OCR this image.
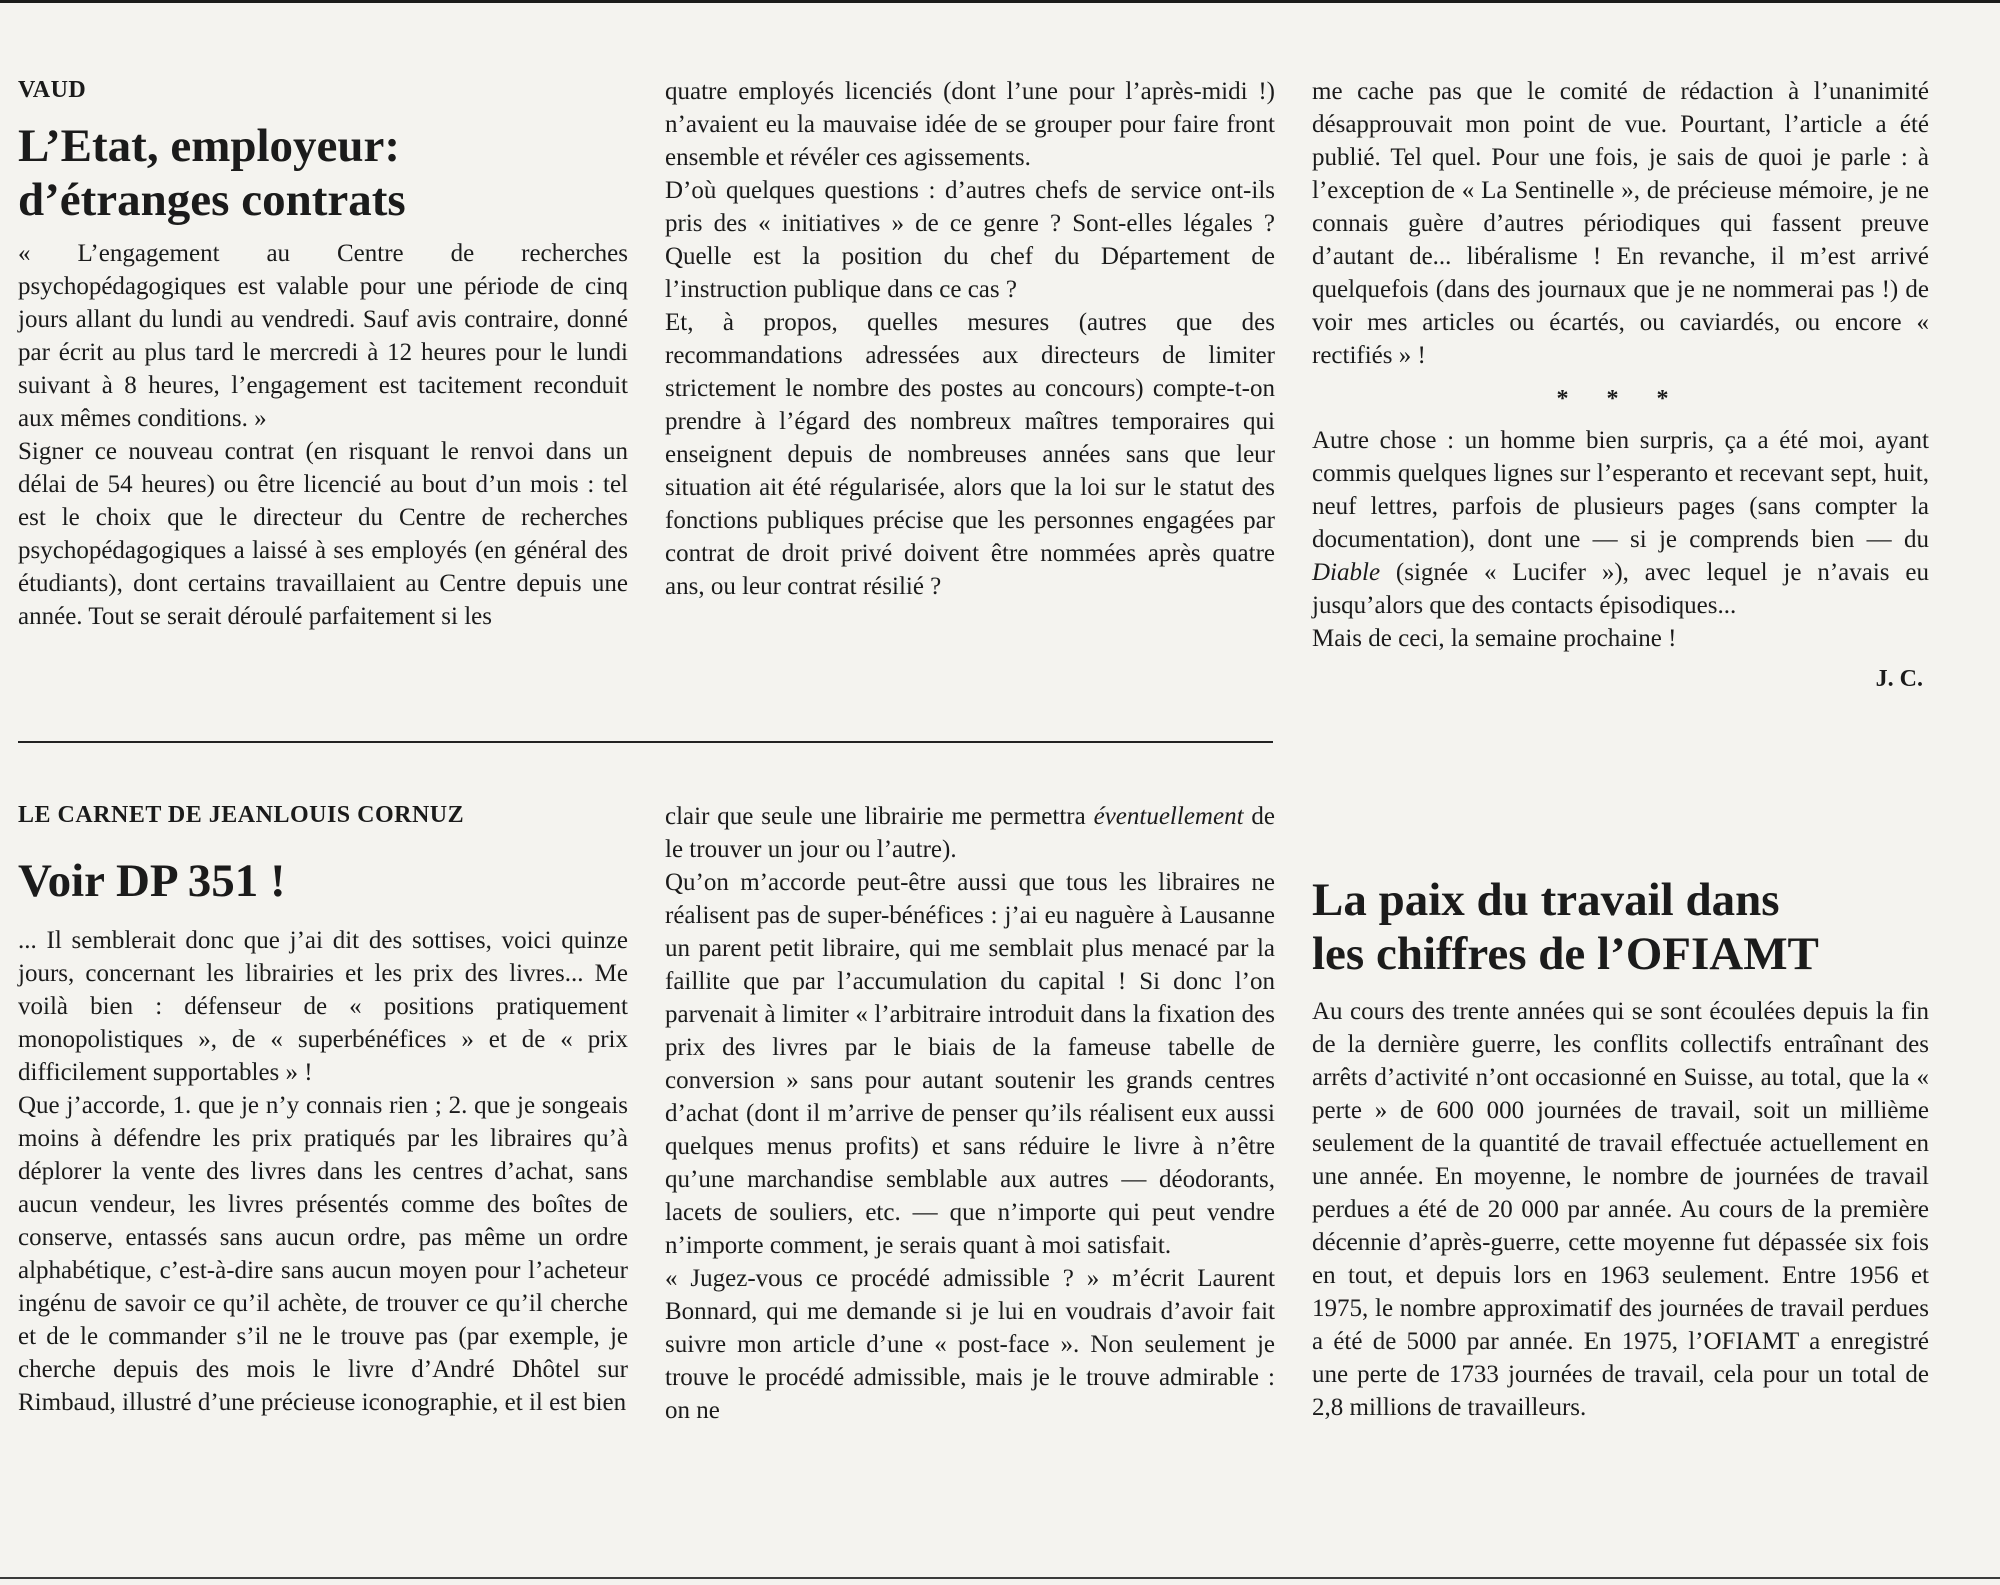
VAUD

L’Etat, employeur:

d’étranges contrats

« L’engagement au Centre de recherches psychopédagogiques est valable pour une période de cinq jours allant du lundi au vendredi. Sauf avis contraire, donné par écrit au plus tard le mercredi à 12 heures pour le lundi suivant à 8 heures, l’engagement est tacitement reconduit aux mêmes conditions. »

Signer ce nouveau contrat (en risquant le renvoi dans un délai de 54 heures) ou être licencié au bout d’un mois : tel est le choix que le directeur du Centre de recherches psychopédagogiques a laissé à ses employés (en général des étudiants), dont certains travaillaient au Centre depuis une année. Tout se serait déroulé parfaitement si les

quatre employés licenciés (dont l’une pour l’après-midi !) n’avaient eu la mauvaise idée de se grouper pour faire front ensemble et révéler ces agissements.

D’où quelques questions : d’autres chefs de service ont-ils pris des « initiatives » de ce genre ? Sont-elles légales ? Quelle est la position du chef du Département de l’instruction publique dans ce cas ?

Et, à propos, quelles mesures (autres que des recommandations adressées aux directeurs de limiter strictement le nombre des postes au concours) compte-t-on prendre à l’égard des nombreux maîtres temporaires qui enseignent depuis de nombreuses années sans que leur situation ait été régularisée, alors que la loi sur le statut des fonctions publiques précise que les personnes engagées par contrat de droit privé doivent être nommées après quatre ans, ou leur contrat résilié ?

me cache pas que le comité de rédaction à l’unanimité désapprouvait mon point de vue. Pourtant, l’article a été publié. Tel quel. Pour une fois, je sais de quoi je parle : à l’exception de « La Sentinelle », de précieuse mémoire, je ne connais guère d’autres périodiques qui fassent preuve d’autant de... libéralisme ! En revanche, il m’est arrivé quelquefois (dans des journaux que je ne nommerai pas !) de voir mes articles ou écartés, ou caviardés, ou encore « rectifiés » !

* * *

Autre chose : un homme bien surpris, ça a été moi, ayant commis quelques lignes sur l’esperanto et recevant sept, huit, neuf lettres, parfois de plusieurs pages (sans compter la documentation), dont une — si je comprends bien — du Diable (signée « Lucifer »), avec lequel je n’avais eu jusqu’alors que des contacts épisodiques...

Mais de ceci, la semaine prochaine !

J. C.

LE CARNET DE JEANLOUIS CORNUZ

Voir DP 351 !

... Il semblerait donc que j’ai dit des sottises, voici quinze jours, concernant les librairies et les prix des livres... Me voilà bien : défenseur de « positions pratiquement monopolistiques », de « superbénéfices » et de « prix difficilement supportables » !

Que j’accorde, 1. que je n’y connais rien ; 2. que je songeais moins à défendre les prix pratiqués par les libraires qu’à déplorer la vente des livres dans les centres d’achat, sans aucun vendeur, les livres présentés comme des boîtes de conserve, entassés sans aucun ordre, pas même un ordre alphabétique, c’est-à-dire sans aucun moyen pour l’acheteur ingénu de savoir ce qu’il achète, de trouver ce qu’il cherche et de le commander s’il ne le trouve pas (par exemple, je cherche depuis des mois le livre d’André Dhôtel sur Rimbaud, illustré d’une précieuse iconographie, et il est bien

clair que seule une librairie me permettra éventuellement de le trouver un jour ou l’autre).

Qu’on m’accorde peut-être aussi que tous les libraires ne réalisent pas de super-bénéfices : j’ai eu naguère à Lausanne un parent petit libraire, qui me semblait plus menacé par la faillite que par l’accumulation du capital ! Si donc l’on parvenait à limiter « l’arbitraire introduit dans la fixation des prix des livres par le biais de la fameuse tabelle de conversion » sans pour autant soutenir les grands centres d’achat (dont il m’arrive de penser qu’ils réalisent eux aussi quelques menus profits) et sans réduire le livre à n’être qu’une marchandise semblable aux autres — déodorants, lacets de souliers, etc. — que n’importe qui peut vendre n’importe comment, je serais quant à moi satisfait.

« Jugez-vous ce procédé admissible ? » m’écrit Laurent Bonnard, qui me demande si je lui en voudrais d’avoir fait suivre mon article d’une « post-face ». Non seulement je trouve le procédé admissible, mais je le trouve admirable : on ne

La paix du travail dans

les chiffres de l’OFIAMT

Au cours des trente années qui se sont écoulées depuis la fin de la dernière guerre, les conflits collectifs entraînant des arrêts d’activité n’ont occasionné en Suisse, au total, que la « perte » de 600 000 journées de travail, soit un millième seulement de la quantité de travail effectuée actuellement en une année. En moyenne, le nombre de journées de travail perdues a été de 20 000 par année. Au cours de la première décennie d’après-guerre, cette moyenne fut dépassée six fois en tout, et depuis lors en 1963 seulement. Entre 1956 et 1975, le nombre approximatif des journées de travail perdues a été de 5000 par année. En 1975, l’OFIAMT a enregistré une perte de 1733 journées de travail, cela pour un total de 2,8 millions de travailleurs.
